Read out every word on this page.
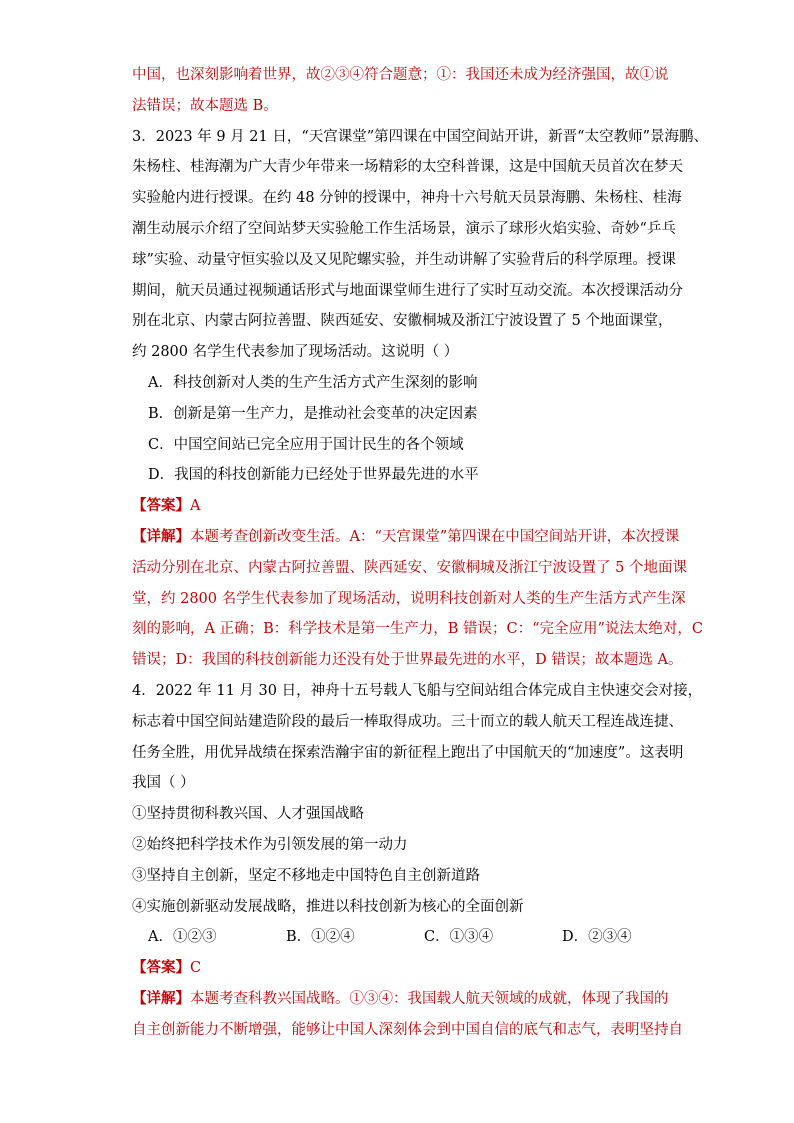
中国，也深刻影响着世界，故②③④符合题意；①：我国还未成为经济强国，故①说
法错误；故本题选 B。
3．2023 年 9 月 21 日，“天宫课堂”第四课在中国空间站开讲，新晋“太空教师”景海鹏、
朱杨柱、桂海潮为广大青少年带来一场精彩的太空科普课，这是中国航天员首次在梦天
实验舱内进行授课。在约 48 分钟的授课中，神舟十六号航天员景海鹏、朱杨柱、桂海
潮生动展示介绍了空间站梦天实验舱工作生活场景，演示了球形火焰实验、奇妙“乒乓
球”实验、动量守恒实验以及又见陀螺实验，并生动讲解了实验背后的科学原理。授课
期间，航天员通过视频通话形式与地面课堂师生进行了实时互动交流。本次授课活动分
别在北京、内蒙古阿拉善盟、陕西延安、安徽桐城及浙江宁波设置了 5 个地面课堂，
约 2800 名学生代表参加了现场活动。这说明（ ）
A．科技创新对人类的生产生活方式产生深刻的影响
B．创新是第一生产力，是推动社会变革的决定因素
C．中国空间站已完全应用于国计民生的各个领域
D．我国的科技创新能力已经处于世界最先进的水平
【答案】A
【详解】本题考查创新改变生活。A：“天宫课堂”第四课在中国空间站开讲，本次授课
活动分别在北京、内蒙古阿拉善盟、陕西延安、安徽桐城及浙江宁波设置了 5 个地面课
堂，约 2800 名学生代表参加了现场活动，说明科技创新对人类的生产生活方式产生深
刻的影响，A 正确；B：科学技术是第一生产力，B 错误；C：“完全应用”说法太绝对，C
错误；D：我国的科技创新能力还没有处于世界最先进的水平，D 错误；故本题选 A。
4．2022 年 11 月 30 日，神舟十五号载人飞船与空间站组合体完成自主快速交会对接，
标志着中国空间站建造阶段的最后一棒取得成功。三十而立的载人航天工程连战连捷、
任务全胜，用优异战绩在探索浩瀚宇宙的新征程上跑出了中国航天的“加速度”。这表明
我国（ ）
①坚持贯彻科教兴国、人才强国战略
②始终把科学技术作为引领发展的第一动力
③坚持自主创新，坚定不移地走中国特色自主创新道路
④实施创新驱动发展战略，推进以科技创新为核心的全面创新
A．①②③	B．①②④	C．①③④	D．②③④
【答案】C
【详解】本题考查科教兴国战略。①③④：我国载人航天领域的成就，体现了我国的
自主创新能力不断增强，能够让中国人深刻体会到中国自信的底气和志气，表明坚持自
